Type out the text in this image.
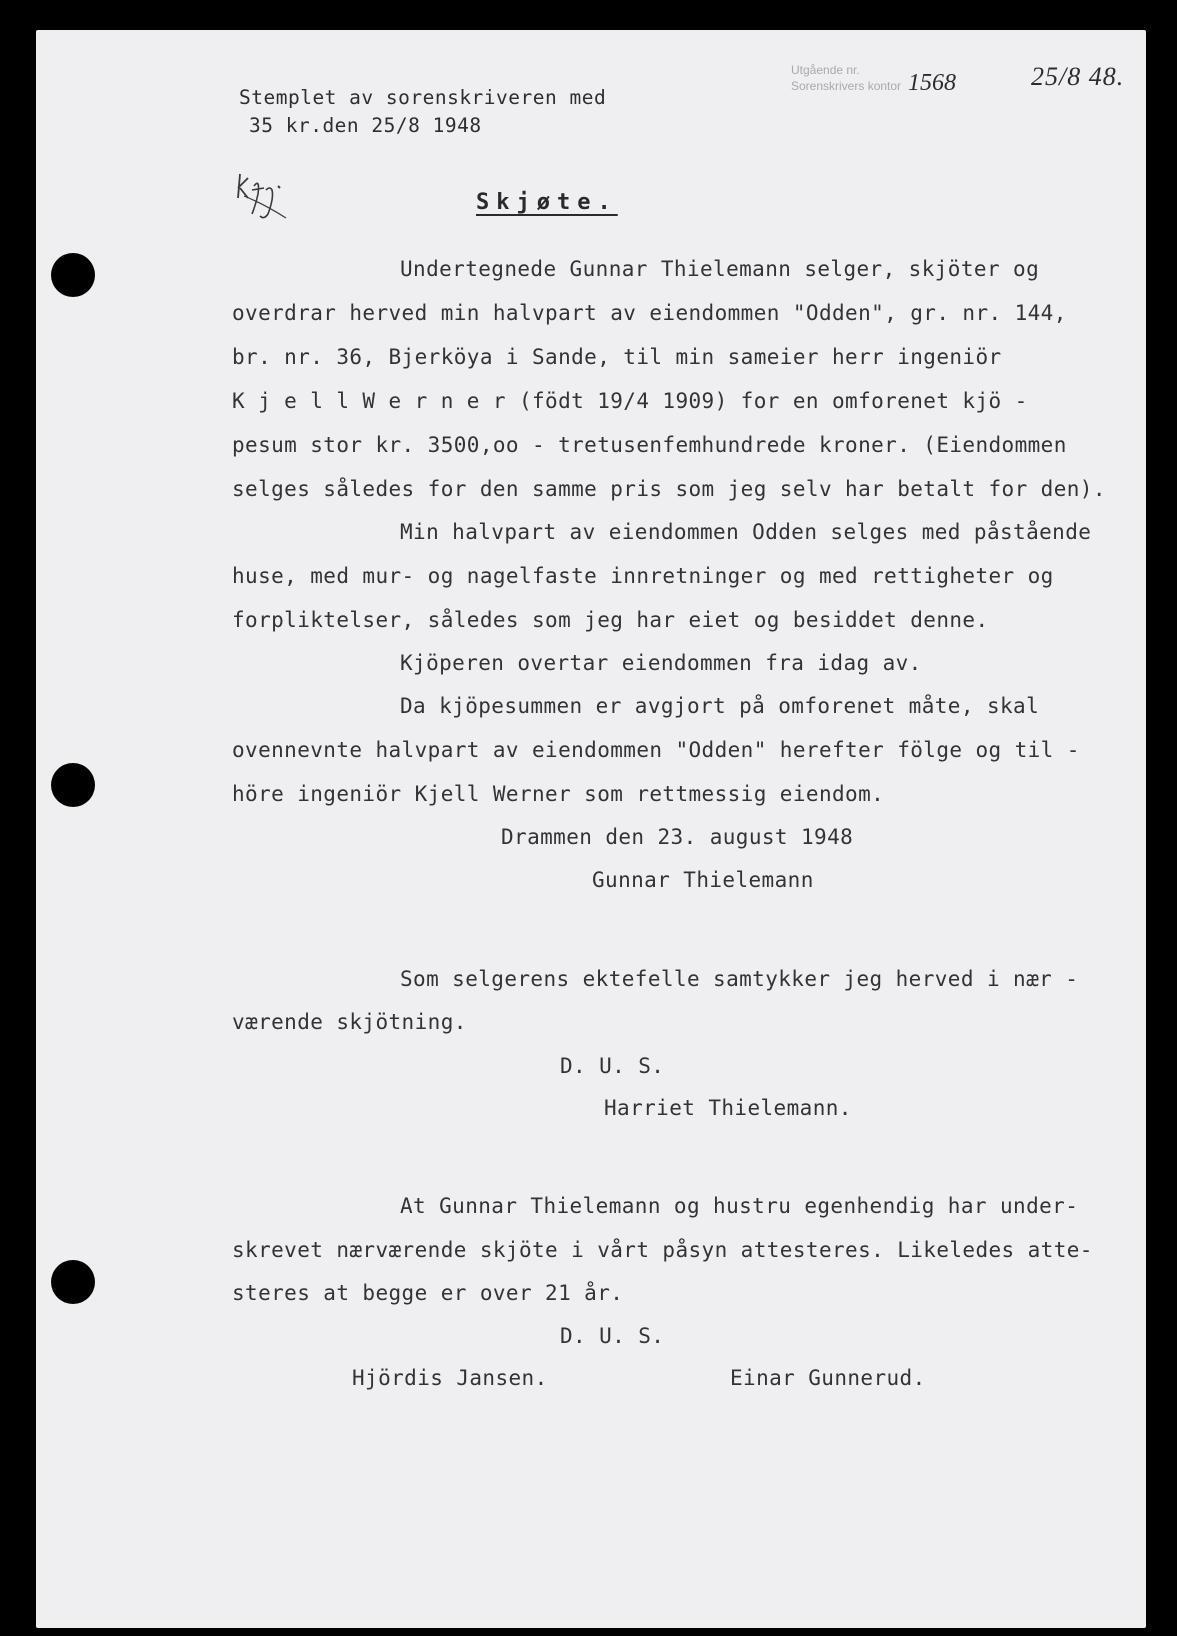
Stemplet av sorenskriveren med
35 kr.den 25/8 1948
Utgående nr.
Sorenskrivers kontor 1568	25/8 48.
Skjøte.
Undertegnede Gunnar Thielemann selger, skjöter og
overdrar herved min halvpart av eiendommen "Odden", gr. nr. 144,
br. nr. 36, Bjerköya i Sande, til min sameier herr ingeniör
K j e l l W e r n e r (födt 19/4 1909) for en omforenet kjö -
pesum stor kr. 3500,oo - tretusenfemhundrede kroner. (Eiendommen
selges således for den samme pris som jeg selv har betalt for den).
Min halvpart av eiendommen Odden selges med påstående
huse, med mur- og nagelfaste innretninger og med rettigheter og
forpliktelser, således som jeg har eiet og besiddet denne.
Kjöperen overtar eiendommen fra idag av.
Da kjöpesummen er avgjort på omforenet måte, skal
ovennevnte halvpart av eiendommen "Odden" herefter fölge og til -
höre ingeniör Kjell Werner som rettmessig eiendom.
Drammen den 23. august 1948
Gunnar Thielemann
Som selgerens ektefelle samtykker jeg herved i nær -
værende skjötning.
D. U. S.
Harriet Thielemann.
At Gunnar Thielemann og hustru egenhendig har under-
skrevet nærværende skjöte i vårt påsyn attesteres. Likeledes atte-
steres at begge er over 21 år.
D. U. S.
Hjördis Jansen.	Einar Gunnerud.
